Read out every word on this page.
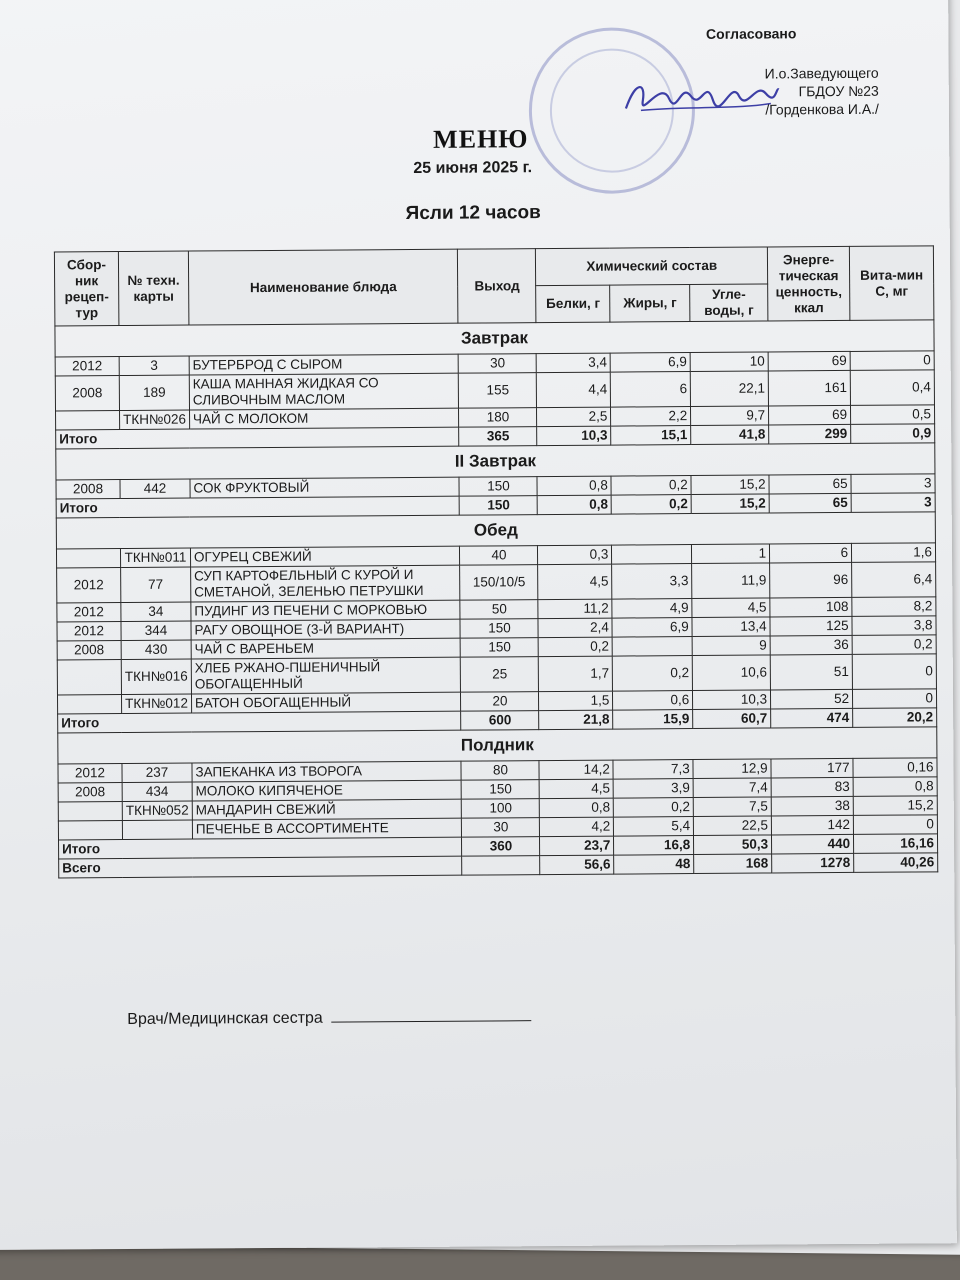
Согласовано
И.о.Заведующего
ГБДОУ №23
/Горденкова И.А./
МЕНЮ
25 июня 2025 г.
Ясли 12 часов
Сбор-ник рецеп-тур	№ техн. карты	Наименование блюда	Выход	Химический состав			Энерге-тическая ценность, ккал	Вита-мин С, мг
				Белки, г	Жиры, г	Угле-воды, г		
Завтрак								
2012	3	БУТЕРБРОД С СЫРОМ	30	3,4	6,9	10	69	0
2008	189	КАША МАННАЯ ЖИДКАЯ СО СЛИВОЧНЫМ МАСЛОМ	155	4,4	6	22,1	161	0,4
	ТКН№026	ЧАЙ С МОЛОКОМ	180	2,5	2,2	9,7	69	0,5
Итого			365	10,3	15,1	41,8	299	0,9
II Завтрак								
2008	442	СОК ФРУКТОВЫЙ	150	0,8	0,2	15,2	65	3
Итого			150	0,8	0,2	15,2	65	3
Обед								
	ТКН№011	ОГУРЕЦ СВЕЖИЙ	40	0,3		1	6	1,6
2012	77	СУП КАРТОФЕЛЬНЫЙ С КУРОЙ И СМЕТАНОЙ, ЗЕЛЕНЬЮ ПЕТРУШКИ	150/10/5	4,5	3,3	11,9	96	6,4
2012	34	ПУДИНГ ИЗ ПЕЧЕНИ С МОРКОВЬЮ	50	11,2	4,9	4,5	108	8,2
2012	344	РАГУ ОВОЩНОЕ (3-Й ВАРИАНТ)	150	2,4	6,9	13,4	125	3,8
2008	430	ЧАЙ С ВАРЕНЬЕМ	150	0,2		9	36	0,2
	ТКН№016	ХЛЕБ РЖАНО-ПШЕНИЧНЫЙ ОБОГАЩЕННЫЙ	25	1,7	0,2	10,6	51	0
	ТКН№012	БАТОН ОБОГАЩЕННЫЙ	20	1,5	0,6	10,3	52	0
Итого			600	21,8	15,9	60,7	474	20,2
Полдник								
2012	237	ЗАПЕКАНКА ИЗ ТВОРОГА	80	14,2	7,3	12,9	177	0,16
2008	434	МОЛОКО КИПЯЧЕНОЕ	150	4,5	3,9	7,4	83	0,8
	ТКН№052	МАНДАРИН СВЕЖИЙ	100	0,8	0,2	7,5	38	15,2
		ПЕЧЕНЬЕ В АССОРТИМЕНТЕ	30	4,2	5,4	22,5	142	0
Итого			360	23,7	16,8	50,3	440	16,16
Всего				56,6	48	168	1278	40,26
Врач/Медицинская сестра
